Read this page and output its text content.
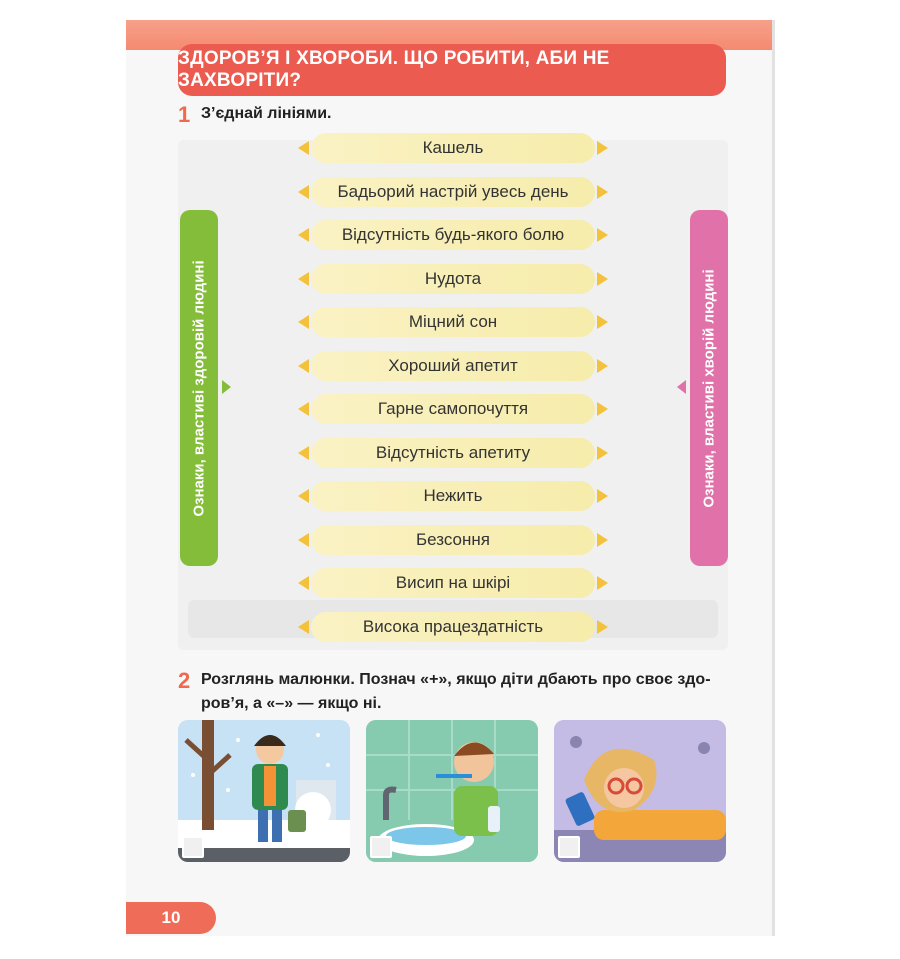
ЗДОРОВ’Я І ХВОРОБИ. ЩО РОБИТИ, АБИ НЕ ЗАХВОРІТИ?
1 З’єднай лініями.
Ознаки, властиві здоровій людині	Ознаки, властиві хворій людині
Кашель
Бадьорий настрій увесь день
Відсутність будь-якого болю
Нудота
Міцний сон
Хороший апетит
Гарне самопочуття
Відсутність апетиту
Нежить
Безсоння
Висип на шкірі
Висока працездатність
2 Розглянь малюнки. Познач «+», якщо діти дбають про своє здо-
ров’я, а «–» — якщо ні.
10
